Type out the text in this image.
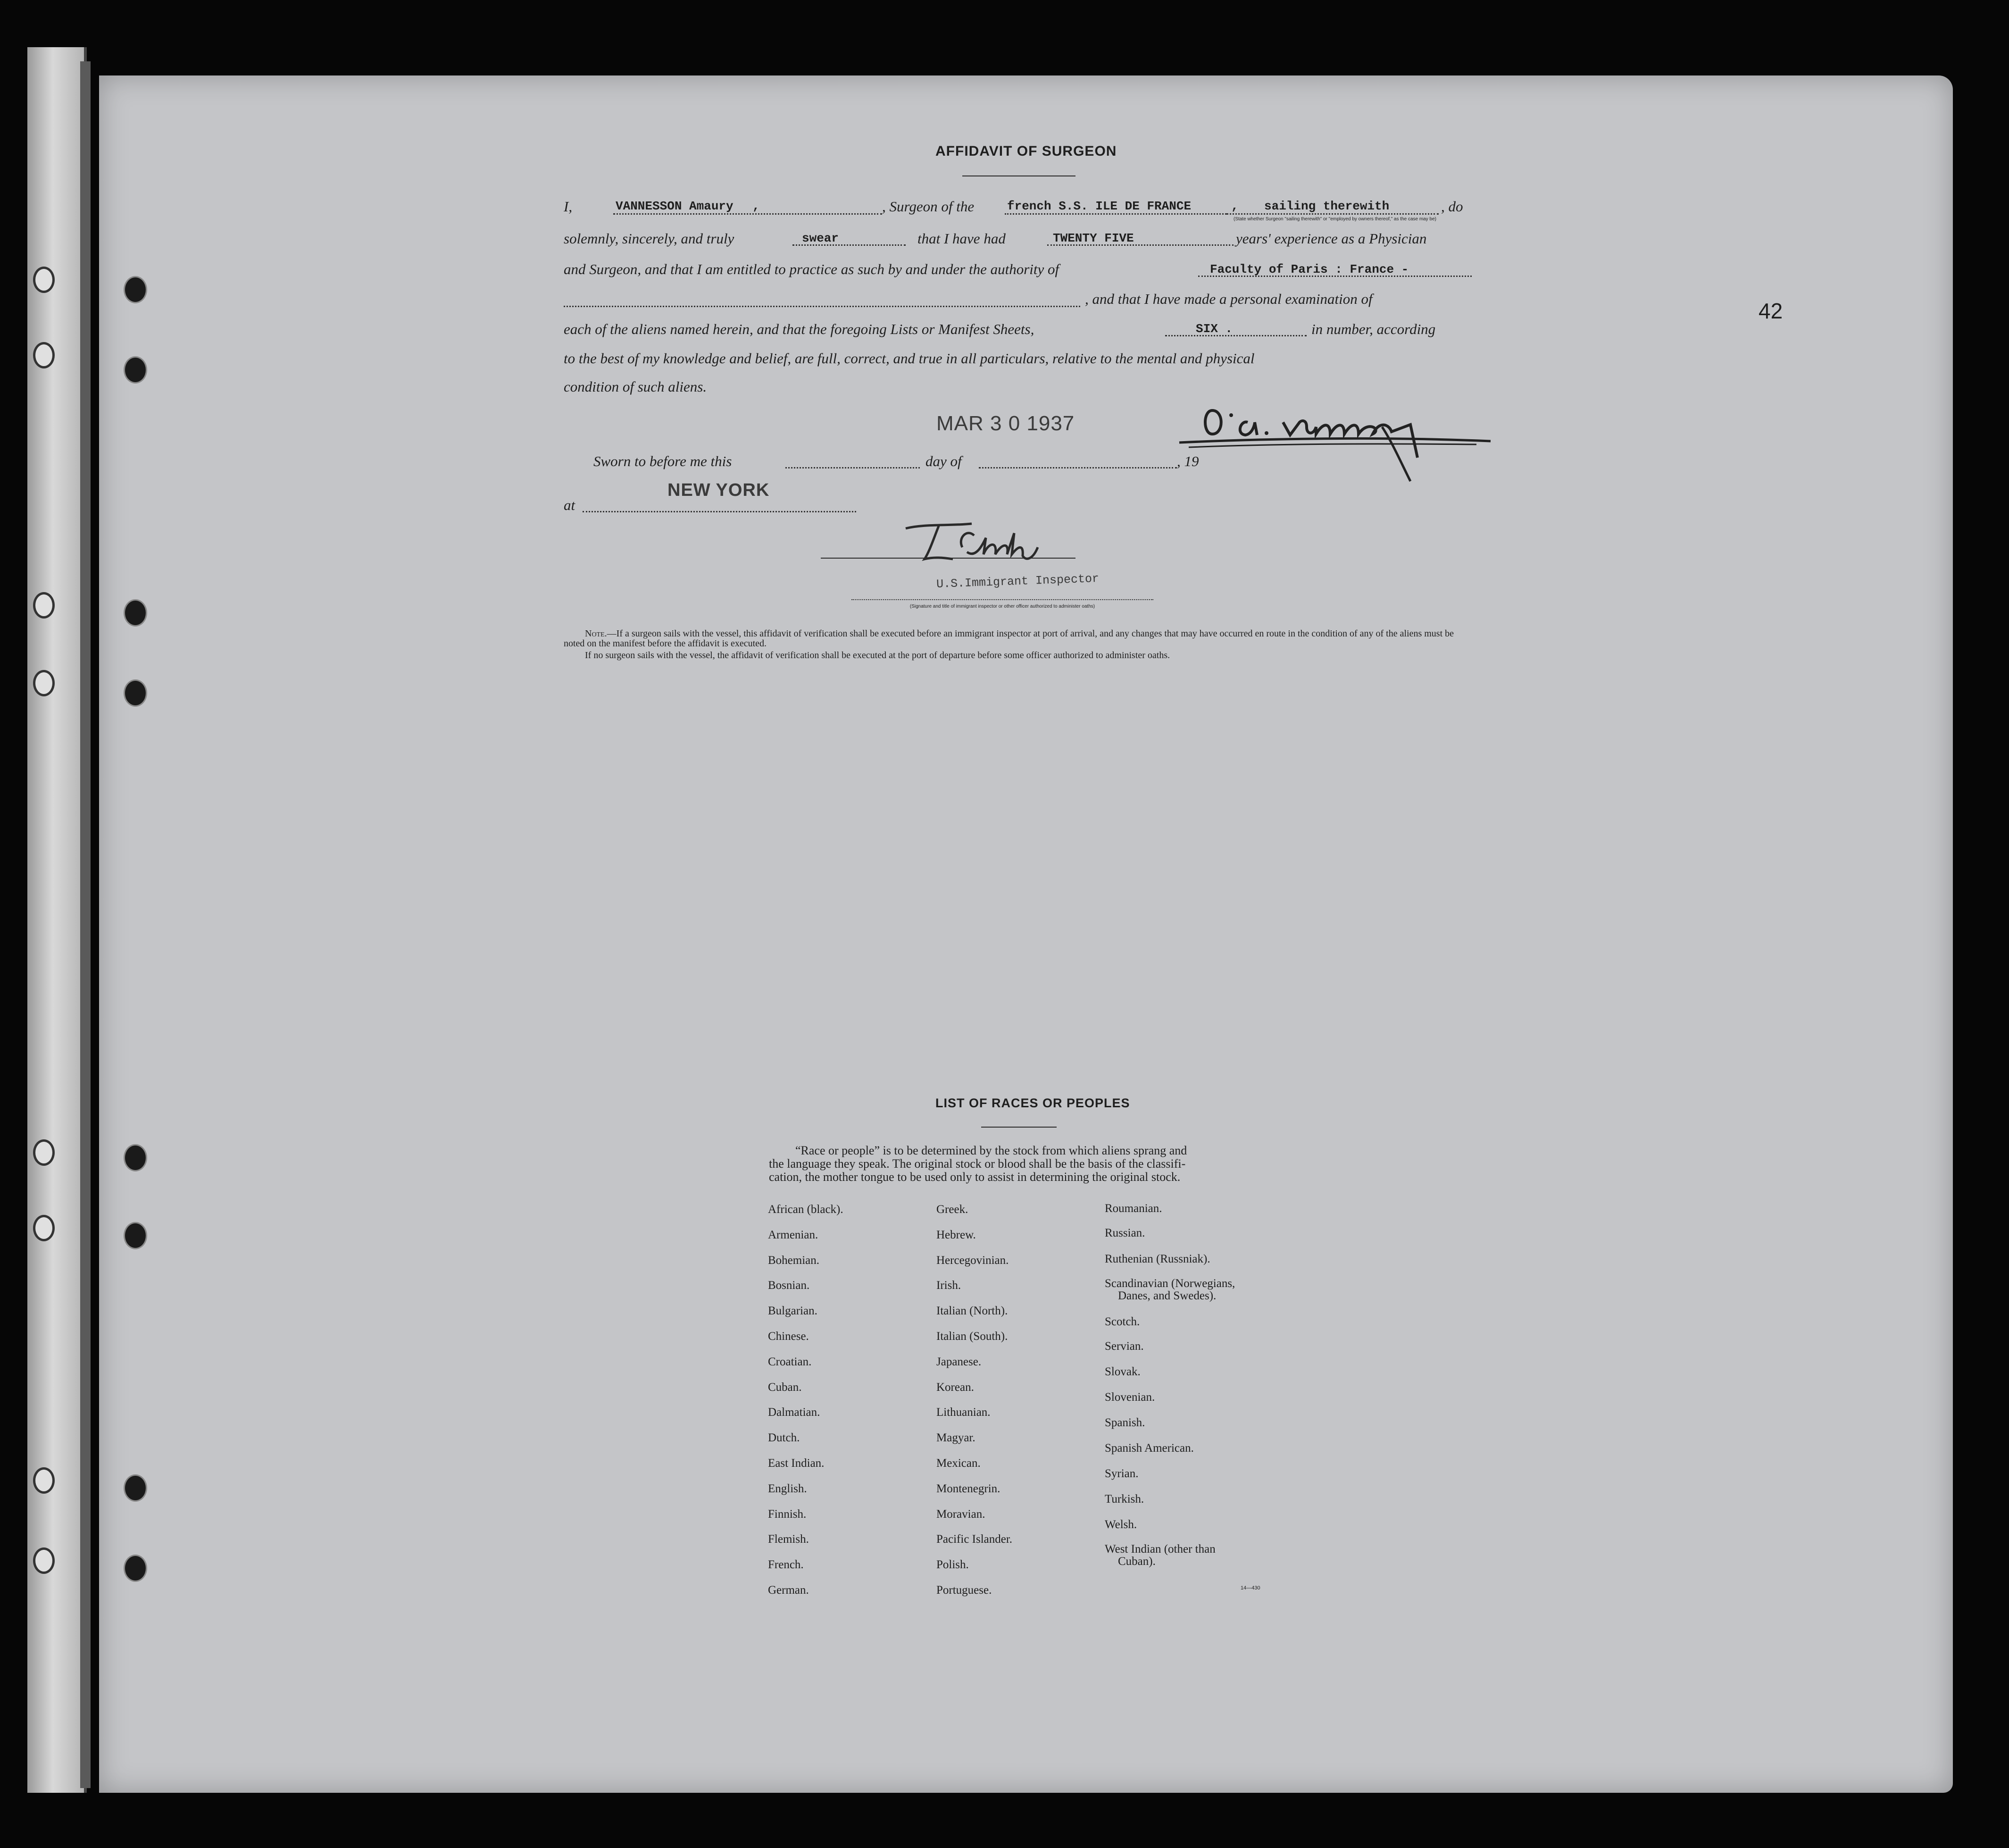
42
AFFIDAVIT OF SURGEON
I,	VANNESSON Amaury ,	, Surgeon of the	french S.S. ILE DE FRANCE	, sailing therewith	, do
(State whether Surgeon "sailing therewith" or "employed by owners thereof," as the case may be)
solemnly, sincerely, and truly	swear	that I have had	TWENTY FIVE	years' experience as a Physician
and Surgeon, and that I am entitled to practice as such by and under the authority of	Faculty of Paris : France -
, and that I have made a personal examination of
each of the aliens named herein, and that the foregoing Lists or Manifest Sheets,	SIX .	in number, according
to the best of my knowledge and belief, are full, correct, and true in all particulars, relative to the mental and physical
condition of such aliens.
MAR 3 0 1937
Sworn to before me this	day of	, 19
NEW YORK
at
U.S.Immigrant Inspector
(Signature and title of immigrant inspector or other officer authorized to administer oaths)
Note.—If a surgeon sails with the vessel, this affidavit of verification shall be executed before an immigrant inspector at port of arrival, and any changes that may have occurred en route in the condition of any of the aliens must be noted on the manifest before the affidavit is executed.
If no surgeon sails with the vessel, the affidavit of verification shall be executed at the port of departure before some officer authorized to administer oaths.
LIST OF RACES OR PEOPLES
“Race or people” is to be determined by the stock from which aliens sprang and
the language they speak. The original stock or blood shall be the basis of the classifi-
cation, the mother tongue to be used only to assist in determining the original stock.
African (black).
Armenian.
Bohemian.
Bosnian.
Bulgarian.
Chinese.
Croatian.
Cuban.
Dalmatian.
Dutch.
East Indian.
English.
Finnish.
Flemish.
French.
German.
Greek.
Hebrew.
Hercegovinian.
Irish.
Italian (North).
Italian (South).
Japanese.
Korean.
Lithuanian.
Magyar.
Mexican.
Montenegrin.
Moravian.
Pacific Islander.
Polish.
Portuguese.
Roumanian.
Russian.
Ruthenian (Russniak).
Scandinavian (Norwegians,
Danes, and Swedes).
Scotch.
Servian.
Slovak.
Slovenian.
Spanish.
Spanish American.
Syrian.
Turkish.
Welsh.
West Indian (other than
Cuban).
14—430
